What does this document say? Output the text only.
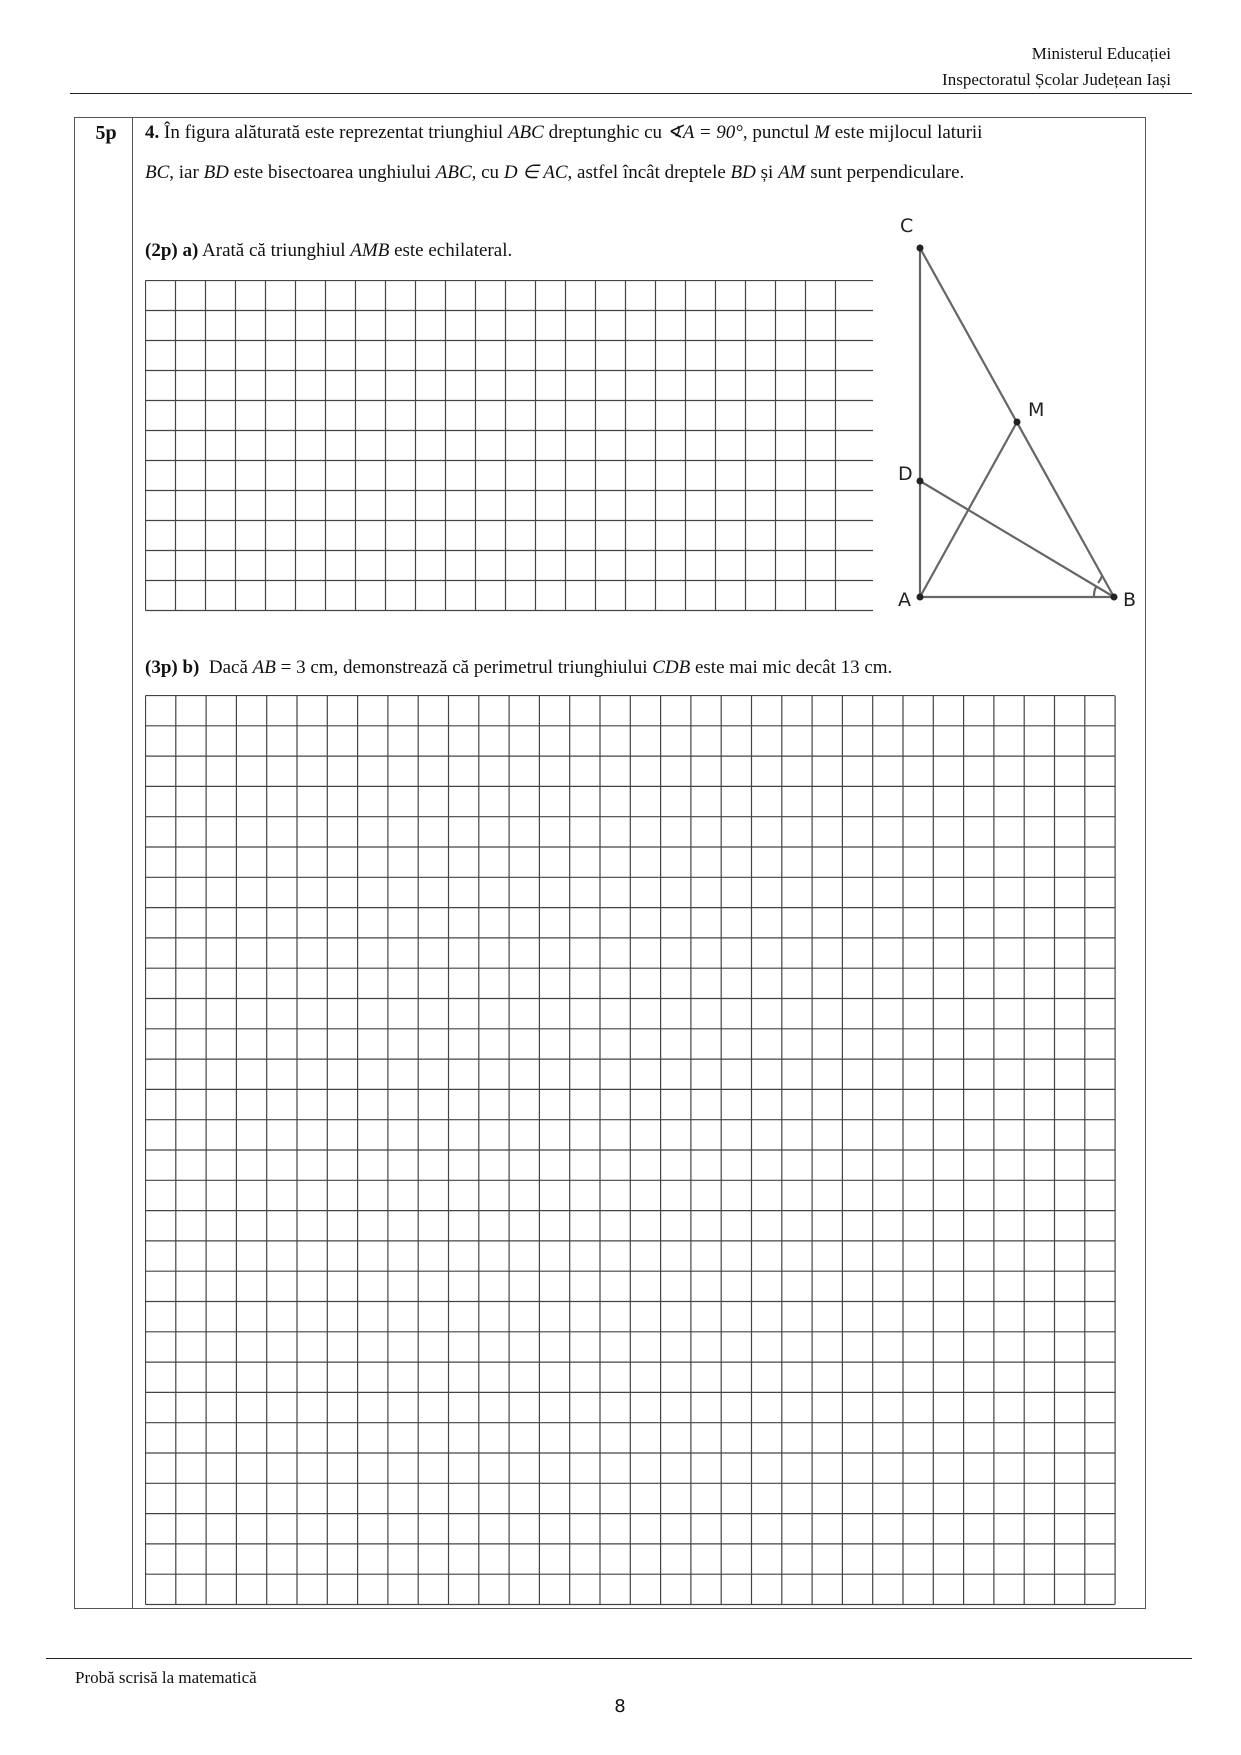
Ministerul Educației
Inspectoratul Școlar Județean Iași
5p	4. În figura alăturată este reprezentat triunghiul ABC dreptunghic cu ∢A = 90°, punctul M este mijlocul laturii
BC, iar BD este bisectoarea unghiului ABC, cu D ∈ AC, astfel încât dreptele BD și AM sunt perpendiculare.
(2p) a) Arată că triunghiul AMB este echilateral.
C
M
D
A	B
(3p) b) Dacă AB = 3 cm, demonstrează că perimetrul triunghiului CDB este mai mic decât 13 cm.
Probă scrisă la matematică
8
